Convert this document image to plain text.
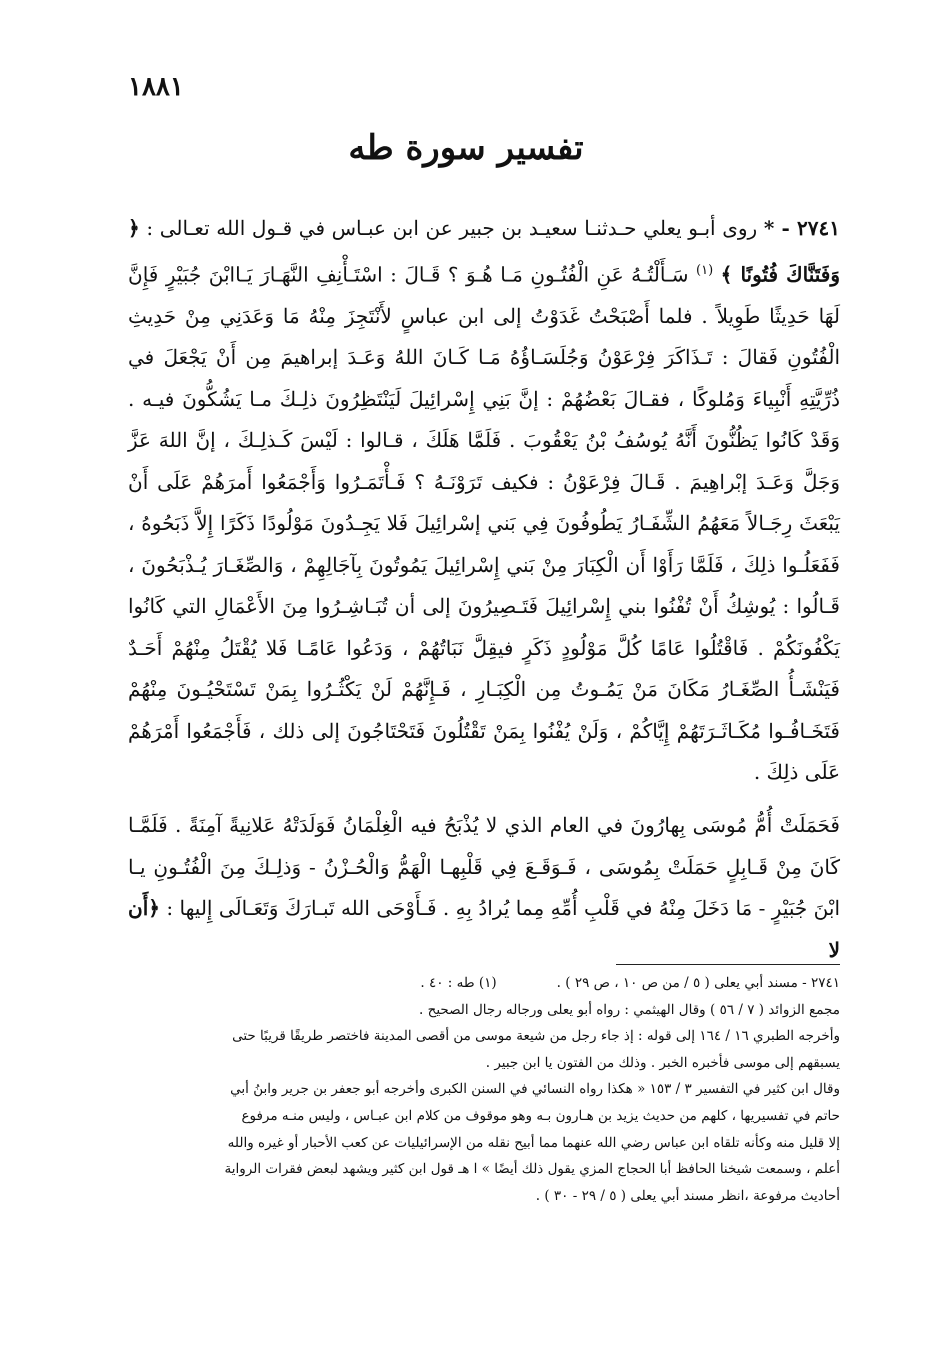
١٨٨١
تفسير سورة طه
٢٧٤١ - * روى أبـو يعلي حـدثنـا سعيـد بن جبير عن ابن عبـاس في قـول الله تعـالى : ﴿ وَفَتَنَّاكَ فُتُونًا ﴾ $^{(١)}$ سَـأَلْتُـهُ عَنِ الْفُتُـونِ مَـا هُـوَ ؟ قَـالَ : اسْتَـأْنِفِ النَّهَـارَ يَـاابْنَ جُبَيْرٍ فَإِنَّ لَهَا حَدِيثًا طَوِيلاً . فلما أَصْبَحْتُ غَدَوْتُ إلى ابن عباسٍ لأَنْتَجِزَ مِنْهُ مَا وَعَدَنِي مِنْ حَدِيثِ الْفُتُونِ فَقالَ : تَـذَاكَرَ فِرْعَوْنُ وَجُلَسَـاؤُهُ مَـا كَـانَ اللهُ وَعَـدَ إبراهيمَ مِن أَنْ يَجْعَلَ في ذُرِّيَّتِهِ أَنْبِياءَ وَمُلوكًا ، فقـالَ بَعْضُهُمْ : إنَّ بَنِي إِسْرائِيلَ لَيَنْتَظِرُونَ ذلِـكَ مـا يَشُكُّونَ فيـه . وَقَدْ كَانُوا يَظُنُّونَ أَنَّهُ يُوسُفُ بْنُ يَعْقُوبَ . فَلَمَّا هَلَكَ ، قـالوا : لَيْسَ كَـذلِـكَ ، إنَّ اللهَ عَزَّ وَجَلَّ وَعَـدَ إبْراهِيمَ . قَـالَ فِرْعَوْنُ : فكيف تَرَوْنَـهُ ؟ فَـأْتَمَـرُوا وَأَجْمَعُوا أَمرَهُمْ عَلَى أَنْ يَبْعَثَ رِجَـالاً مَعَهُمُ الشِّفَـارُ يَطُوفُونَ فِي بَني إسْرائِيلَ فَلا يَجِـدُونَ مَوْلُودًا ذَكَرًا إِلاَّ ذَبَحُوهُ ، فَفَعَلُـوا ذلِكَ ، فَلَمَّا رَأَوْا أَن الْكِبَارَ مِنْ بَني إِسْرائِيلَ يَمُوتُونَ بِآجَالِهِمْ ، وَالصِّغَـارَ يُـذْبَحُونَ ، قَـالُوا : يُوشِكُ أَنْ تُفْنُوا بني إِسْرائِيلَ فَتَـصِيرُونَ إلى أن تُبَـاشِـرُوا مِنَ الأَعْمَالِ التي كَانُوا يَكْفُونَكُمْ . فَاقْتُلُوا عَامًا كُلَّ مَوْلُودٍ ذَكَرٍ فيقِلَّ نَبَاتُهُمْ ، وَدَعُوا عَامًـا فَلا يُقْتَلُ مِنْهُمْ أَحَـدٌ فَيَنْشَـأُ الصِّغَـارُ مَكَانَ مَنْ يَمُـوتُ مِن الْكِبَـارِ ، فَـإِنَّهُمْ لَنْ يَكْثُـرُوا بِمَنْ تَسْتَحْيُـونَ مِنْهُمْ فَتَخَـافُـوا مُكَـاثَـرَتَهُمْ إِيَّاكُمْ ، وَلَنْ يُفْنُوا بِمَنْ تَقْتُلُونَ فَتَحْتَاجُونَ إلى ذلك ، فَأَجْمَعُوا أَمْرَهُمْ عَلَى ذلِكَ .
فَحَمَلَتْ أُمُّ مُوسَى بِهارُونَ في العام الذي لا يُذْبَحُ فيه الْغِلْمَانُ فَوَلَدَتْهُ عَلانِيةً آمِنَةً . فَلَمَّـا كَانَ مِنْ قَـابِلٍ حَمَلَتْ بِمُوسَى ، فَـوَقَـعَ فِي قَلْبِهـا الْهَمُّ وَالْحُـزْنُ - وَذلِـكَ مِنَ الْفُتُـونِ يـا ابْنَ جُبَيْرٍ - مَا دَخَلَ مِنْهُ في قَلْبِ أُمِّهِ مِما يُرادُ بِهِ . فَـأَوْحَى الله تَبـارَكَ وَتَعَـالَى إِليها : ﴿أَن لا
٢٧٤١ - مسند أبي يعلى ( ٥ / من ص ١٠ ، ص ٢٩ ) .
(١) طه : ٤٠ .
مجمع الزوائد ( ٧ / ٥٦ ) وقال الهيثمي : رواه أبو يعلى ورجاله رجال الصحيح .
وأخرجه الطبري ١٦ / ١٦٤ إلى قوله : إذ جاء رجل من شيعة موسى من أقصى المدينة فاختصر طريقًا قريبًا حتى
يسبقهم إلى موسى فأخبره الخبر . وذلك من الفتون يا ابن جبير .
وقال ابن كثير في التفسير ٣ / ١٥٣ « هكذا رواه النسائي في السنن الكبرى وأخرجه أبو جعفر بن جرير وابنُ أبي
حاتم في تفسيريها ، كلهم من حديث يزيد بن هـارون بـه وهو موقوف من كلام ابن عبـاس ، وليس منـه مرفوع
إلا قليل منه وكأنه تلقاه ابن عباس رضي الله عنهما مما أبيح نقله من الإسرائيليات عن كعب الأحبار أو غيره والله
أعلم ، وسمعت شيخنا الحافظ أبا الحجاج المزي يقول ذلك أيضًا » ا هـ قول ابن كثير ويشهد لبعض فقرات الرواية
أحاديث مرفوعة ،انظر مسند أبي يعلى ( ٥ / ٢٩ - ٣٠ ) .
